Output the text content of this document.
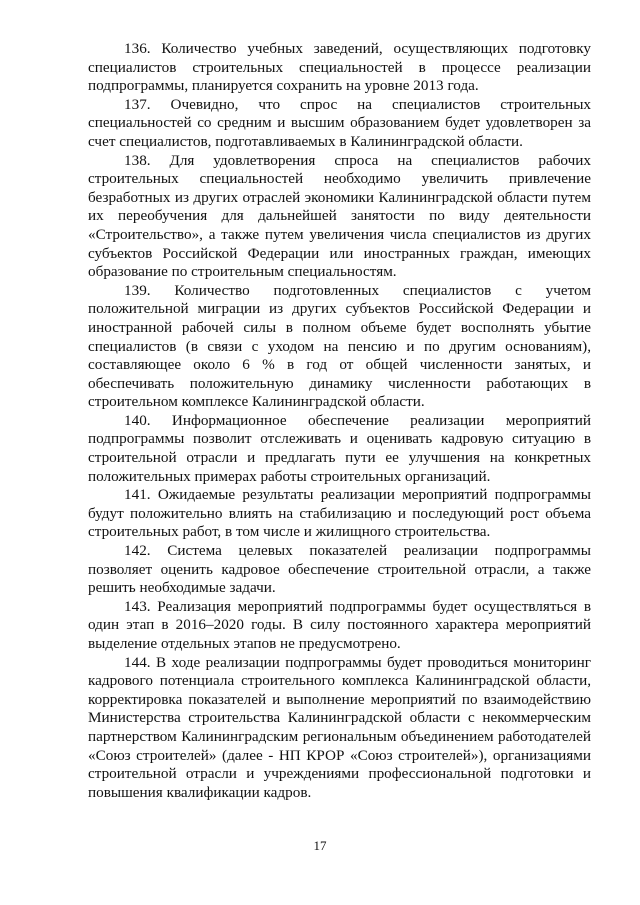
136. Количество учебных заведений, осуществляющих подготовку специалистов строительных специальностей в процессе реализации подпрограммы, планируется сохранить на уровне 2013 года.

137. Очевидно, что спрос на специалистов строительных специальностей со средним и высшим образованием будет удовлетворен за счет специалистов, подготавливаемых в Калининградской области.

138. Для удовлетворения спроса на специалистов рабочих строительных специальностей необходимо увеличить привлечение безработных из других отраслей экономики Калининградской области путем их переобучения для дальнейшей занятости по виду деятельности «Строительство», а также путем увеличения числа специалистов из других субъектов Российской Федерации или иностранных граждан, имеющих образование по строительным специальностям.

139. Количество подготовленных специалистов с учетом положительной миграции из других субъектов Российской Федерации и иностранной рабочей силы в полном объеме будет восполнять убытие специалистов (в связи с уходом на пенсию и по другим основаниям), составляющее около 6 % в год от общей численности занятых, и обеспечивать положительную динамику численности работающих в строительном комплексе Калининградской области.

140. Информационное обеспечение реализации мероприятий подпрограммы позволит отслеживать и оценивать кадровую ситуацию в строительной отрасли и предлагать пути ее улучшения на конкретных положительных примерах работы строительных организаций.

141. Ожидаемые результаты реализации мероприятий подпрограммы будут положительно влиять на стабилизацию и последующий рост объема строительных работ, в том числе и жилищного строительства.

142. Система целевых показателей реализации подпрограммы позволяет оценить кадровое обеспечение строительной отрасли, а также решить необходимые задачи.

143. Реализация мероприятий подпрограммы будет осуществляться в один этап в 2016–2020 годы. В силу постоянного характера мероприятий выделение отдельных этапов не предусмотрено.

144. В ходе реализации подпрограммы будет проводиться мониторинг кадрового потенциала строительного комплекса Калининградской области, корректировка показателей и выполнение мероприятий по взаимодействию Министерства строительства Калининградской области с некоммерческим партнерством Калининградским региональным объединением работодателей «Союз строителей» (далее - НП КРОР «Союз строителей»), организациями строительной отрасли и учреждениями профессиональной подготовки и повышения квалификации кадров.

17
